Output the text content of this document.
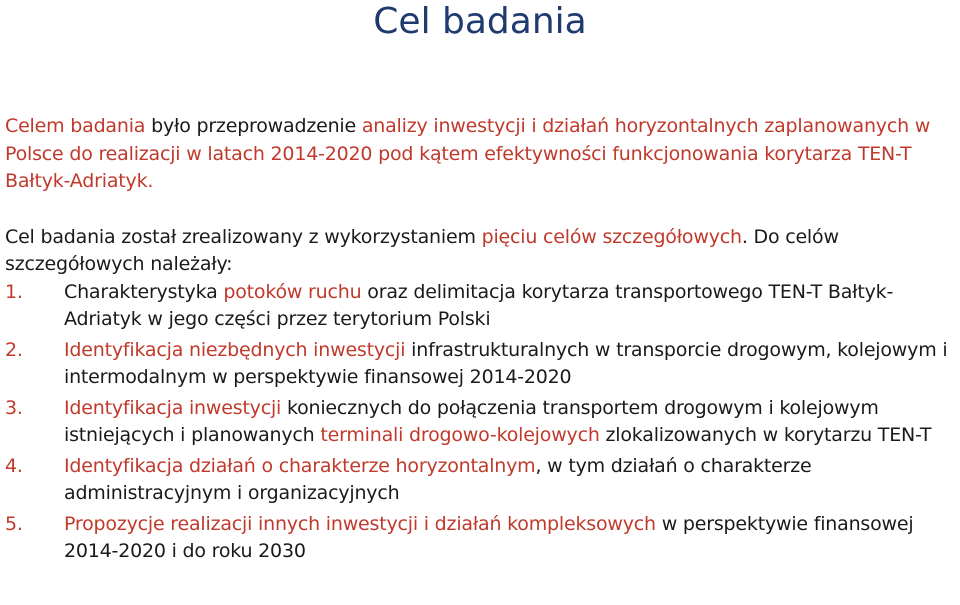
Cel badania

Celem badania było przeprowadzenie analizy inwestycji i działań horyzontalnych zaplanowanych w Polsce do realizacji w latach 2014-2020 pod kątem efektywności funkcjonowania korytarza TEN-T Bałtyk-Adriatyk.

Cel badania został zrealizowany z wykorzystaniem pięciu celów szczegółowych. Do celów szczegółowych należały:

1.	Charakterystyka potoków ruchu oraz delimitacja korytarza transportowego TEN-T Bałtyk-Adriatyk w jego części przez terytorium Polski
2.	Identyfikacja niezbędnych inwestycji infrastrukturalnych w transporcie drogowym, kolejowym i intermodalnym w perspektywie finansowej 2014-2020
3.	Identyfikacja inwestycji koniecznych do połączenia transportem drogowym i kolejowym istniejących i planowanych terminali drogowo-kolejowych zlokalizowanych w korytarzu TEN-T
4.	Identyfikacja działań o charakterze horyzontalnym, w tym działań o charakterze administracyjnym i organizacyjnych
5.	Propozycje realizacji innych inwestycji i działań kompleksowych w perspektywie finansowej 2014-2020 i do roku 2030
